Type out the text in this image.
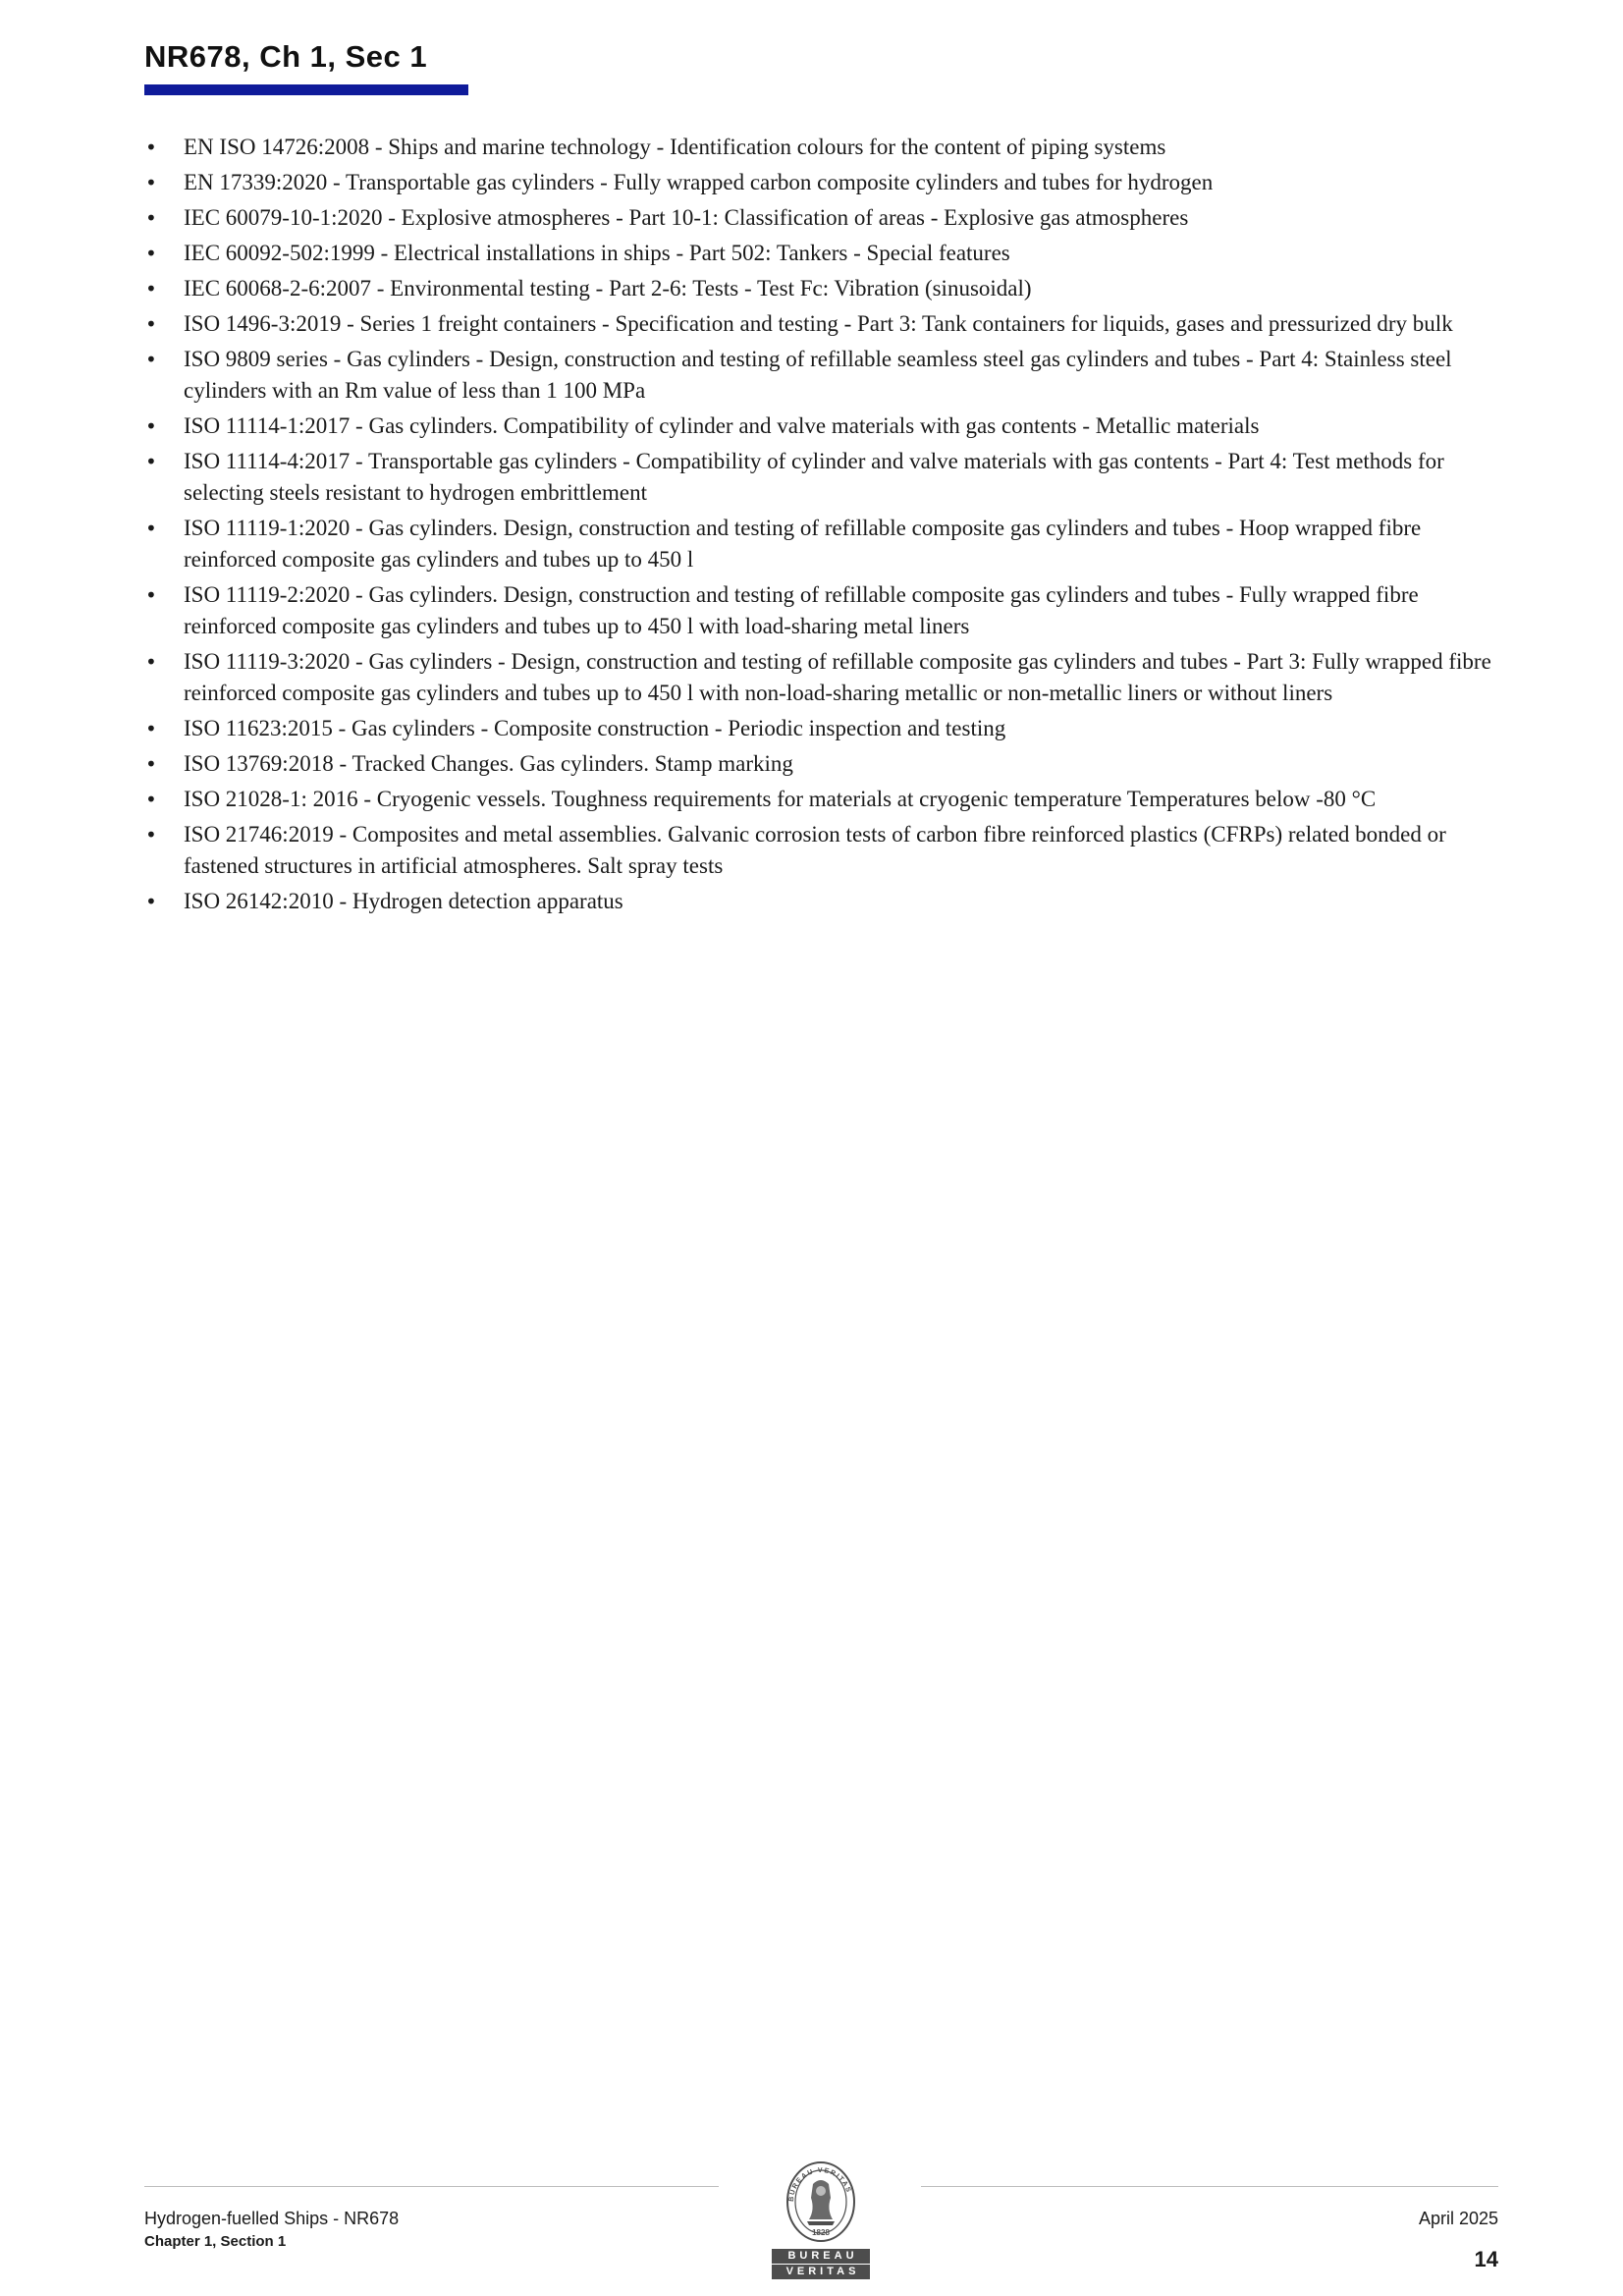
NR678, Ch 1, Sec 1
•	EN ISO 14726:2008 - Ships and marine technology - Identification colours for the content of piping systems
•	EN 17339:2020 - Transportable gas cylinders - Fully wrapped carbon composite cylinders and tubes for hydrogen
•	IEC 60079-10-1:2020 - Explosive atmospheres - Part 10-1: Classification of areas - Explosive gas atmospheres
•	IEC 60092-502:1999 - Electrical installations in ships - Part 502: Tankers - Special features
•	IEC 60068-2-6:2007 - Environmental testing - Part 2-6: Tests - Test Fc: Vibration (sinusoidal)
•	ISO 1496-3:2019 - Series 1 freight containers - Specification and testing - Part 3: Tank containers for liquids, gases and pressurized dry bulk
•	ISO 9809 series - Gas cylinders - Design, construction and testing of refillable seamless steel gas cylinders and tubes - Part 4: Stainless steel cylinders with an Rm value of less than 1 100 MPa
•	ISO 11114-1:2017 - Gas cylinders. Compatibility of cylinder and valve materials with gas contents - Metallic materials
•	ISO 11114-4:2017 - Transportable gas cylinders - Compatibility of cylinder and valve materials with gas contents - Part 4: Test methods for selecting steels resistant to hydrogen embrittlement
•	ISO 11119-1:2020 - Gas cylinders. Design, construction and testing of refillable composite gas cylinders and tubes - Hoop wrapped fibre reinforced composite gas cylinders and tubes up to 450 l
•	ISO 11119-2:2020 - Gas cylinders. Design, construction and testing of refillable composite gas cylinders and tubes - Fully wrapped fibre reinforced composite gas cylinders and tubes up to 450 l with load-sharing metal liners
•	ISO 11119-3:2020 - Gas cylinders - Design, construction and testing of refillable composite gas cylinders and tubes - Part 3: Fully wrapped fibre reinforced composite gas cylinders and tubes up to 450 l with non-load-sharing metallic or non-metallic liners or without liners
•	ISO 11623:2015 - Gas cylinders - Composite construction - Periodic inspection and testing
•	ISO 13769:2018 - Tracked Changes. Gas cylinders. Stamp marking
•	ISO 21028-1: 2016 - Cryogenic vessels. Toughness requirements for materials at cryogenic temperature Temperatures below -80 °C
•	ISO 21746:2019 - Composites and metal assemblies. Galvanic corrosion tests of carbon fibre reinforced plastics (CFRPs) related bonded or fastened structures in artificial atmospheres. Salt spray tests
•	ISO 26142:2010 - Hydrogen detection apparatus
Hydrogen-fuelled Ships - NR678
Chapter 1, Section 1
BUREAU VERITAS
1828
BUREAU
VERITAS
April 2025
14
